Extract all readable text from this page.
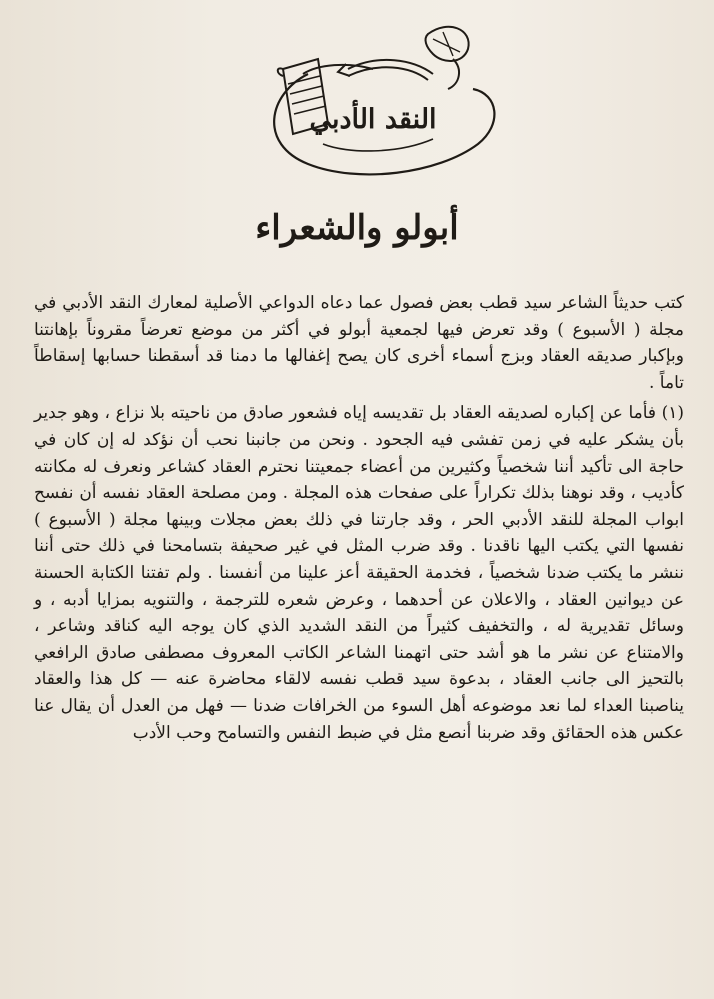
النقد الأدبي
أبولو والشعراء

كتب حديثاً الشاعر سيد قطب بعض فصول عما دعاه الدواعي الأصلية لمعارك النقد الأدبي في مجلة ( الأسبوع ) وقد تعرض فيها لجمعية أبولو في أكثر من موضع تعرضاً مقروناً بإهانتنا وبإكبار صديقه العقاد وبزج أسماء أخرى كان يصح إغفالها ما دمنا قد أسقطنا حسابها إسقاطاً تاماً .

(١) فأما عن إكباره لصديقه العقاد بل تقديسه إياه فشعور صادق من ناحيته بلا نزاع ، وهو جدير بأن يشكر عليه في زمن تفشى فيه الجحود . ونحن من جانبنا نحب أن نؤكد له إن كان في حاجة الى تأكيد أننا شخصياً وكثيرين من أعضاء جمعيتنا نحترم العقاد كشاعر ونعرف له مكانته كأديب ، وقد نوهنا بذلك تكراراً على صفحات هذه المجلة . ومن مصلحة العقاد نفسه أن نفسح ابواب المجلة للنقد الأدبي الحر ، وقد جارتنا في ذلك بعض مجلات وبينها مجلة ( الأسبوع ) نفسها التي يكتب اليها ناقدنا . وقد ضرب المثل في غير صحيفة بتسامحنا في ذلك حتى أننا ننشر ما يكتب ضدنا شخصياً ، فخدمة الحقيقة أعز علينا من أنفسنا . ولم تفتنا الكتابة الحسنة عن ديوانين العقاد ، والاعلان عن أحدهما ، وعرض شعره للترجمة ، والتنويه بمزايا أدبه ، و وسائل تقديرية له ، والتخفيف كثيراً من النقد الشديد الذي كان يوجه اليه كناقد وشاعر ، والامتناع عن نشر ما هو أشد حتى اتهمنا الشاعر الكاتب المعروف مصطفى صادق الرافعي بالتحيز الى جانب العقاد ، بدعوة سيد قطب نفسه لالقاء محاضرة عنه — كل هذا والعقاد يناصبنا العداء لما نعد موضوعه أهل السوء من الخرافات ضدنا — فهل من العدل أن يقال عنا عكس هذه الحقائق وقد ضربنا أنصع مثل في ضبط النفس والتسامح وحب الأدب
